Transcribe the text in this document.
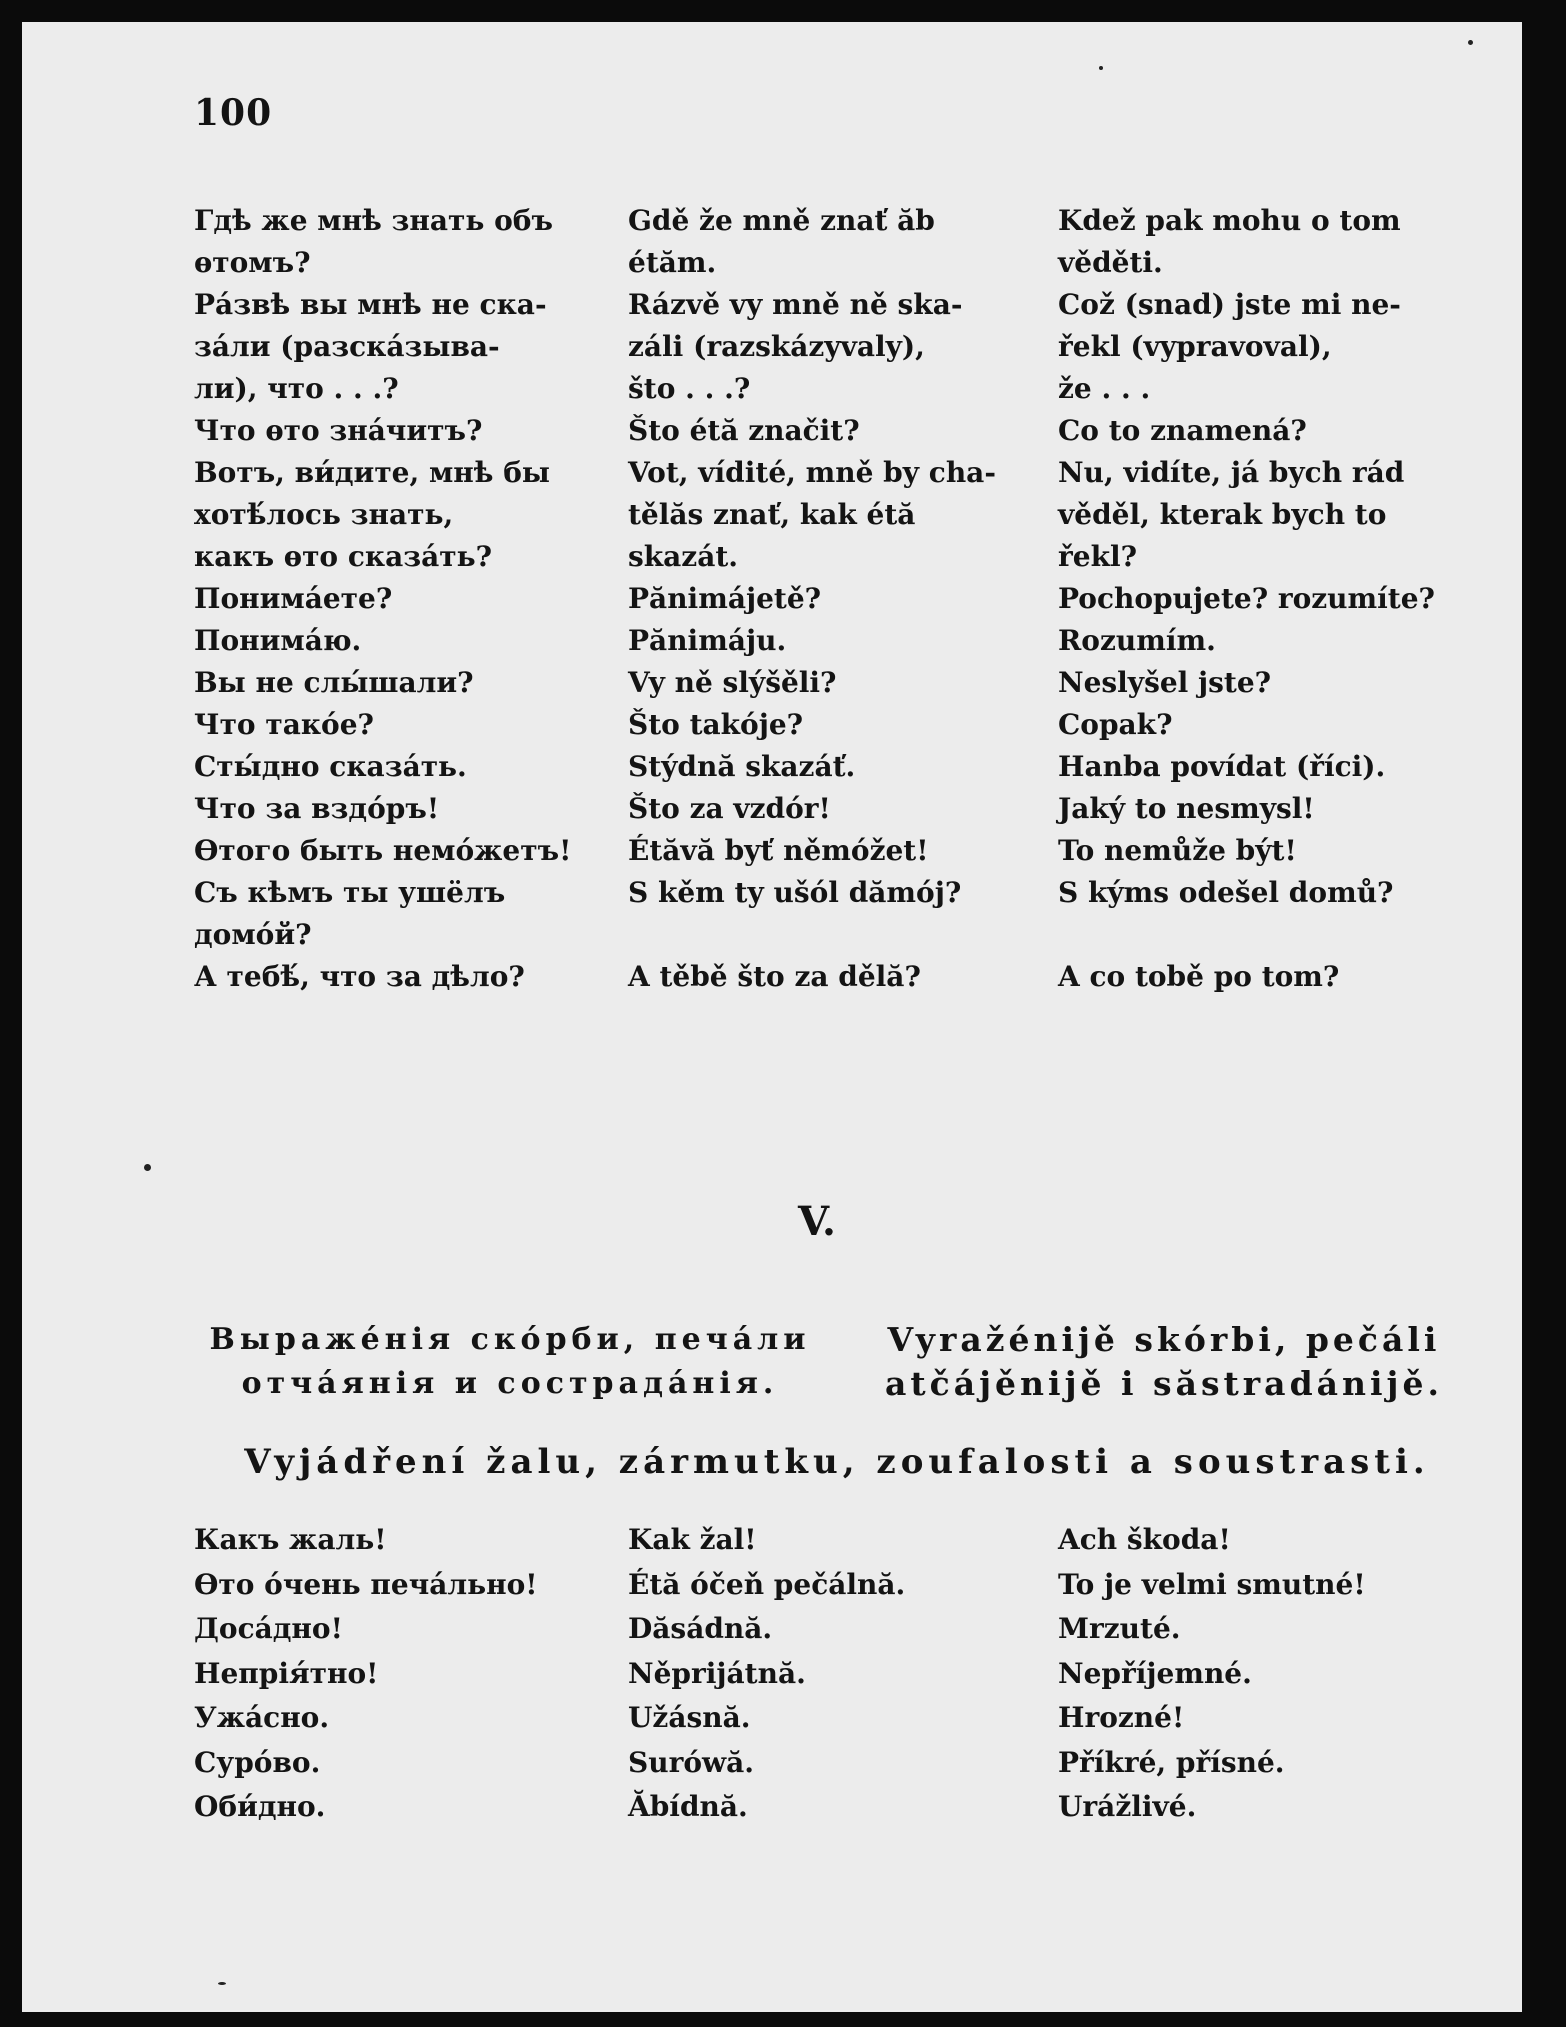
100
Гдѣ же мнѣ знать объ
ѳтомъ?
Ра́звѣ вы мнѣ не ска-
за́ли (разска́зыва-
ли), что . . .?
Что ѳто зна́читъ?
Вотъ, ви́дите, мнѣ бы
хотѣ́лось знать,
какъ ѳто сказа́ть?
Понима́ете?
Понима́ю.
Вы не слы́шали?
Что тако́е?
Сты́дно сказа́ть.
Что за вздо́ръ!
Ѳтого быть немо́жетъ!
Съ кѣмъ ты ушёлъ
домо́й?
А тебѣ́, что за дѣло?
Gdě že mně znať ăb
étăm.
Rázvě vy mně ně ska-
záli (razskázyvaly),
što . . .?
Što étă značit?
Vot, vídité, mně by cha-
tělăs znať, kak étă
skazát.
Pănimájetě?
Pănimáju.
Vy ně slýšěli?
Što takóje?
Stýdnă skazáť.
Što za vzdór!
Étăvă byť němóžet!
S kěm ty ušól dămój?
A těbě što za dělă?
Kdež pak mohu o tom
věděti.
Což (snad) jste mi ne-
řekl (vypravoval),
že . . .
Co to znamená?
Nu, vidíte, já bych rád
věděl, kterak bych to
řekl?
Pochopujete? rozumíte?
Rozumím.
Neslyšel jste?
Copak?
Hanba povídat (říci).
Jaký to nesmysl!
To nemůže být!
S kýms odešel domů?
A co tobě po tom?
V.
Выраже́нія ско́рби, печа́ли
отча́янія и сострада́нія.
Vyražénijě skórbi, pečáli
atčájěnijě i săstradánijě.
Vyjádření žalu, zármutku, zoufalosti a soustrasti.
Какъ жаль!
Ѳто о́чень печа́льно!
Доса́дно!
Непрія́тно!
Ужа́сно.
Суро́во.
Оби́дно.
Kak žal!
Étă óčeň pečálnă.
Dăsádnă.
Něprijátnă.
Užásnă.
Surówă.
Ăbídnă.
Ach škoda!
To je velmi smutné!
Mrzuté.
Nepříjemné.
Hrozné!
Příkré, přísné.
Urážlivé.
